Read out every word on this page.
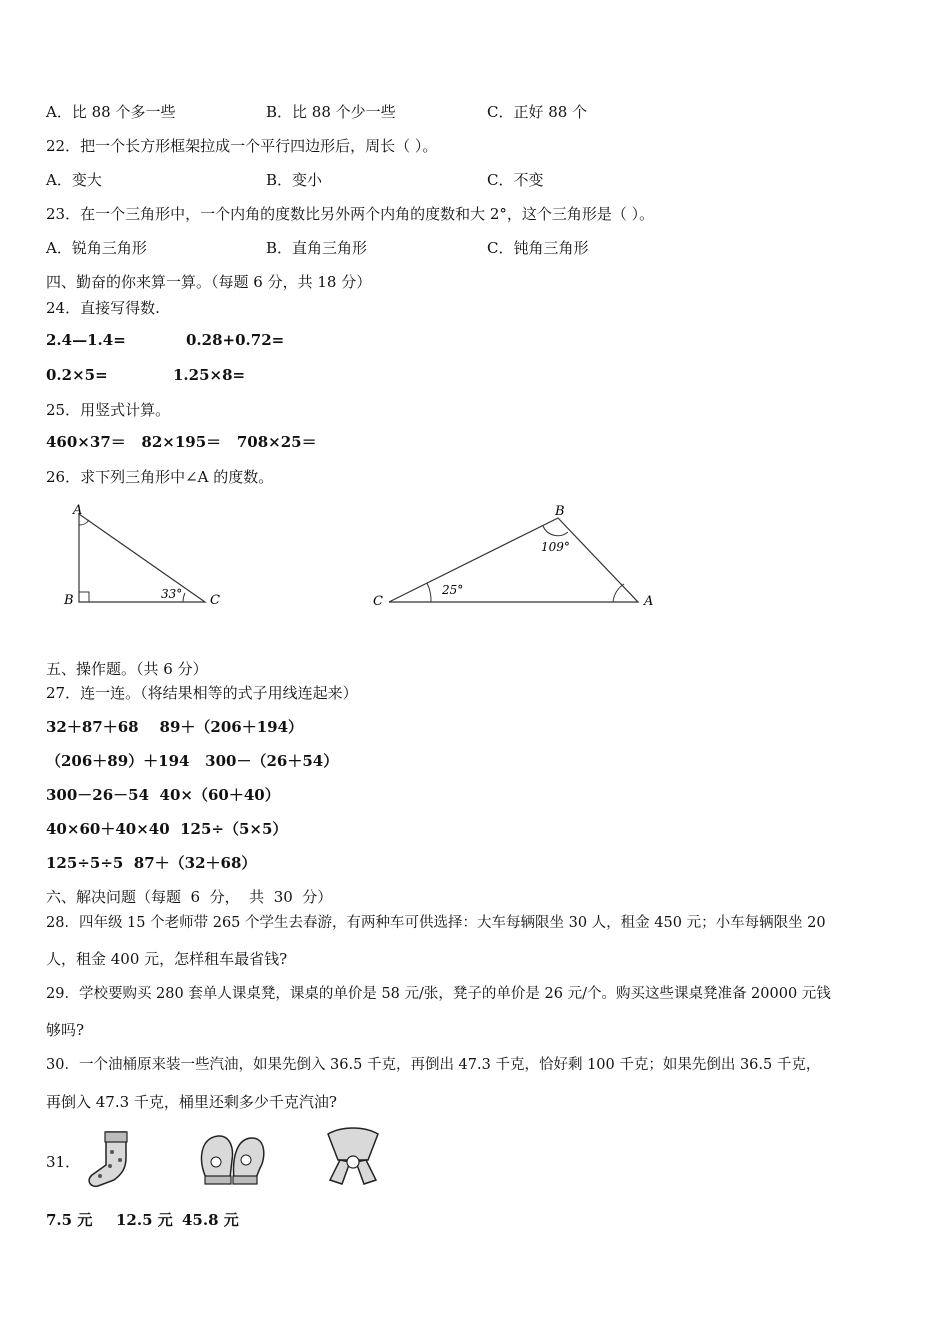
A．比 88 个多一些	B．比 88 个少一些	C．正好 88 个
22．把一个长方形框架拉成一个平行四边形后，周长（ ）。
A．变大	B．变小	C．不变
23．在一个三角形中，一个内角的度数比另外两个内角的度数和大 2°，这个三角形是（ ）。
A．锐角三角形	B．直角三角形	C．钝角三角形
四、勤奋的你来算一算。（每题 6 分，共 18 分）
24．直接写得数.
2.4—1.4=	0.28+0.72=
0.2×5=	1.25×8=
25．用竖式计算。
460×37＝   82×195＝   708×25＝
26．求下列三角形中∠A 的度数。
A
B	C
33°
B
C	A
109°
25°
五、操作题。（共 6 分）
27．连一连。（将结果相等的式子用线连起来）
32＋87＋68    89＋（206＋194）
（206＋89）＋194   300－（26＋54）
300－26－54  40×（60＋40）
40×60＋40×40  125÷（5×5）
125÷5÷5  87＋（32＋68）
六、解决问题（每题  6  分，  共  30  分）
28．四年级 15 个老师带 265 个学生去春游，有两种车可供选择：大车每辆限坐 30 人，租金 450 元；小车每辆限坐 20
人，租金 400 元，怎样租车最省钱?
29．学校要购买 280 套单人课桌凳，课桌的单价是 58 元/张，凳子的单价是 26 元/个。购买这些课桌凳准备 20000 元钱
够吗?
30．一个油桶原来装一些汽油，如果先倒入 36.5 千克，再倒出 47.3 千克，恰好剩 100 千克；如果先倒出 36.5 千克，
再倒入 47.3 千克，桶里还剩多少千克汽油?
31．
7.5 元 12.5 元 45.8 元
